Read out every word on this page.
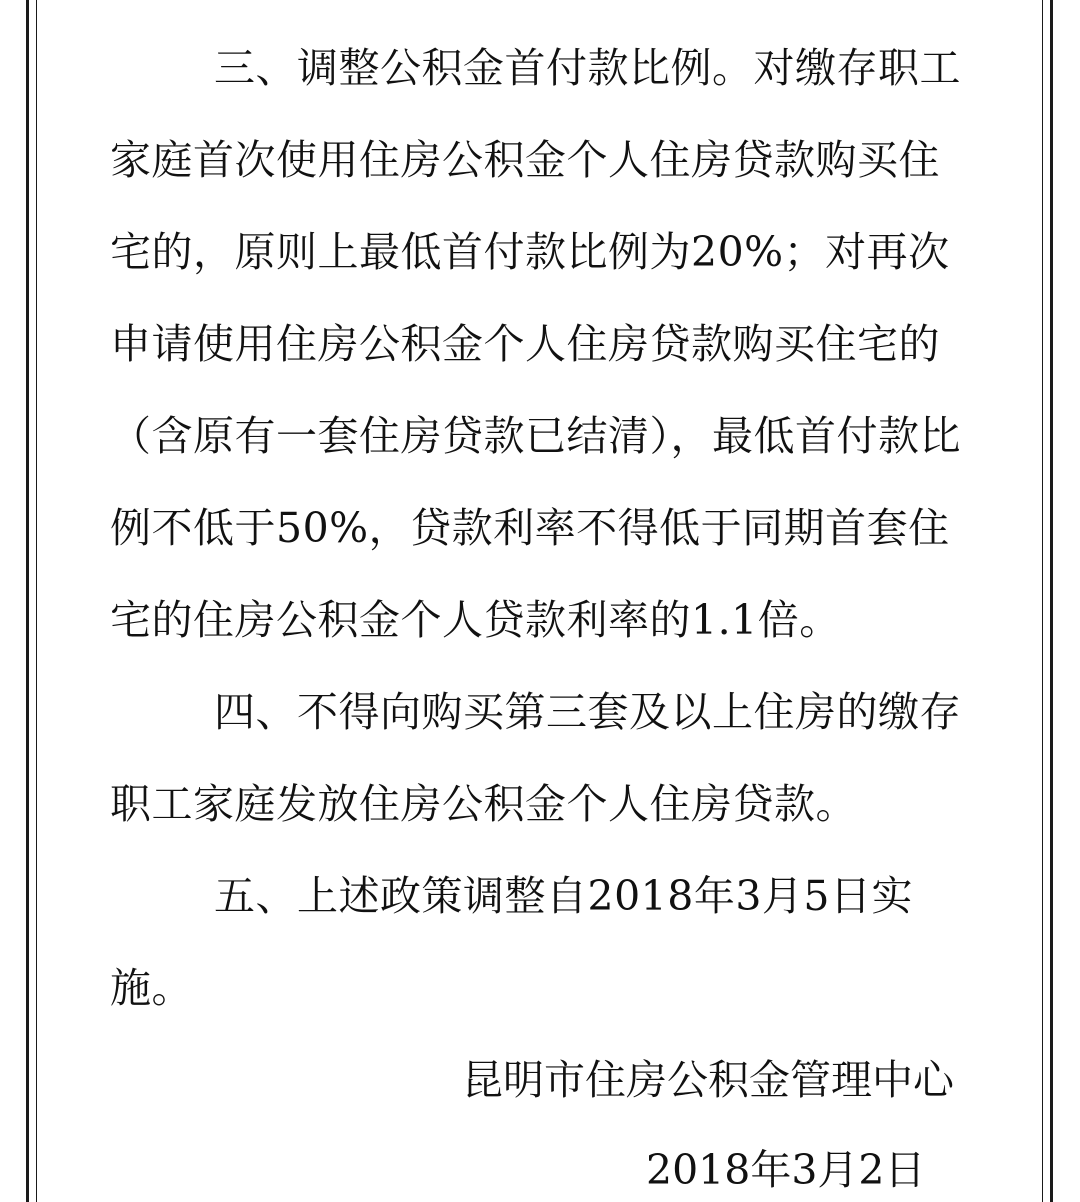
三、调整公积金首付款比例。对缴存职工家庭首次使用住房公积金个人住房贷款购买住宅的，原则上最低首付款比例为20%；对再次申请使用住房公积金个人住房贷款购买住宅的（含原有一套住房贷款已结清），最低首付款比例不低于50%，贷款利率不得低于同期首套住宅的住房公积金个人贷款利率的1.1倍。

四、不得向购买第三套及以上住房的缴存职工家庭发放住房公积金个人住房贷款。

五、上述政策调整自2018年3月5日实施。

昆明市住房公积金管理中心

2018年3月2日
